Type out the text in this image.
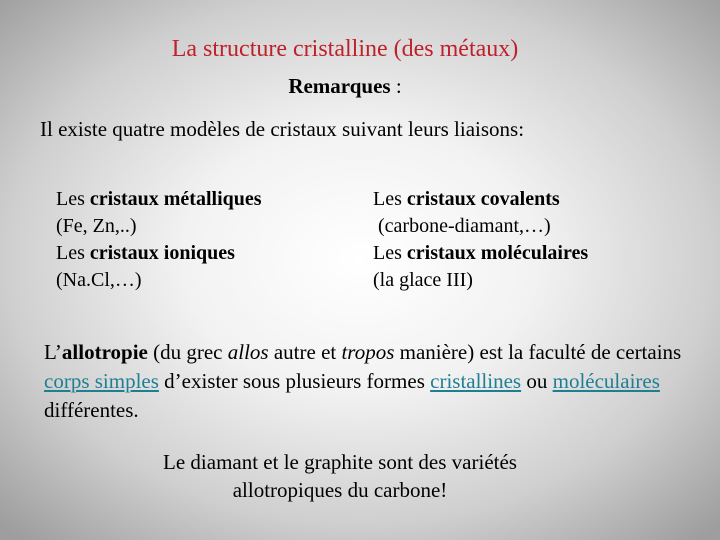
La structure cristalline (des métaux)
Remarques :
Il existe quatre modèles de cristaux suivant leurs liaisons:
Les cristaux métalliques
(Fe, Zn,..)
Les cristaux ioniques
(Na.Cl,…)
Les cristaux covalents
(carbone-diamant,…)
Les cristaux moléculaires
(la glace III)
L’allotropie (du grec allos autre et tropos manière) est la faculté de certains corps simples d’exister sous plusieurs formes cristallines ou moléculaires différentes.
Le diamant et le graphite sont des variétés
allotropiques du carbone!
